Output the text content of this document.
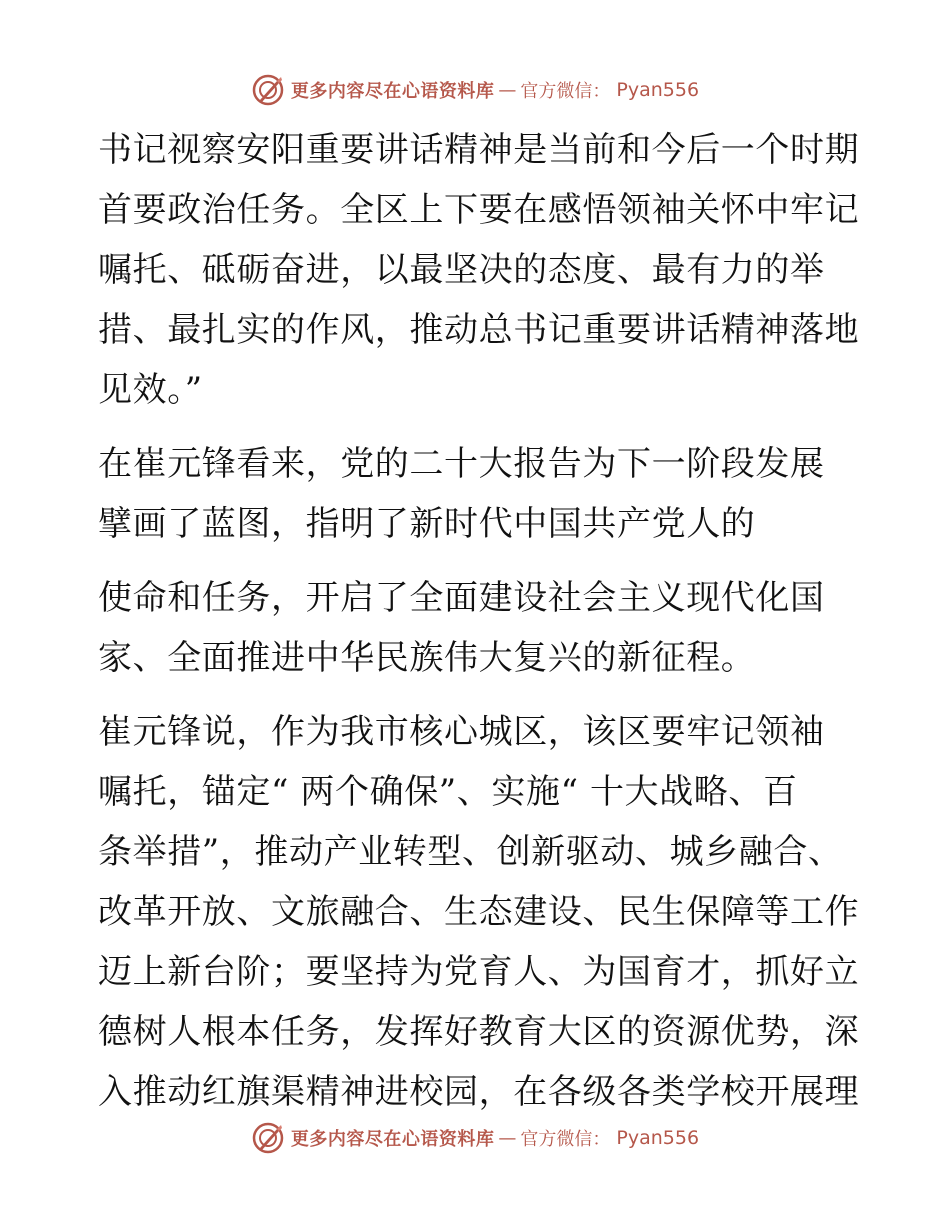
更多内容尽在心语资料库 — 官方微信： Pyan556
书记视察安阳重要讲话精神是当前和今后一个时期
首要政治任务。全区上下要在感悟领袖关怀中牢记
嘱托、砥砺奋进，以最坚决的态度、最有力的举
措、最扎实的作风，推动总书记重要讲话精神落地
见效。”
在崔元锋看来，党的二十大报告为下一阶段发展
擘画了蓝图，指明了新时代中国共产党人的
使命和任务，开启了全面建设社会主义现代化国
家、全面推进中华民族伟大复兴的新征程。
崔元锋说，作为我市核心城区，该区要牢记领袖
嘱托，锚定“ 两个确保”、实施“ 十大战略、百
条举措”，推动产业转型、创新驱动、城乡融合、
改革开放、文旅融合、生态建设、民生保障等工作
迈上新台阶；要坚持为党育人、为国育才，抓好立
德树人根本任务，发挥好教育大区的资源优势，深
入推动红旗渠精神进校园，在各级各类学校开展理
更多内容尽在心语资料库 — 官方微信： Pyan556
